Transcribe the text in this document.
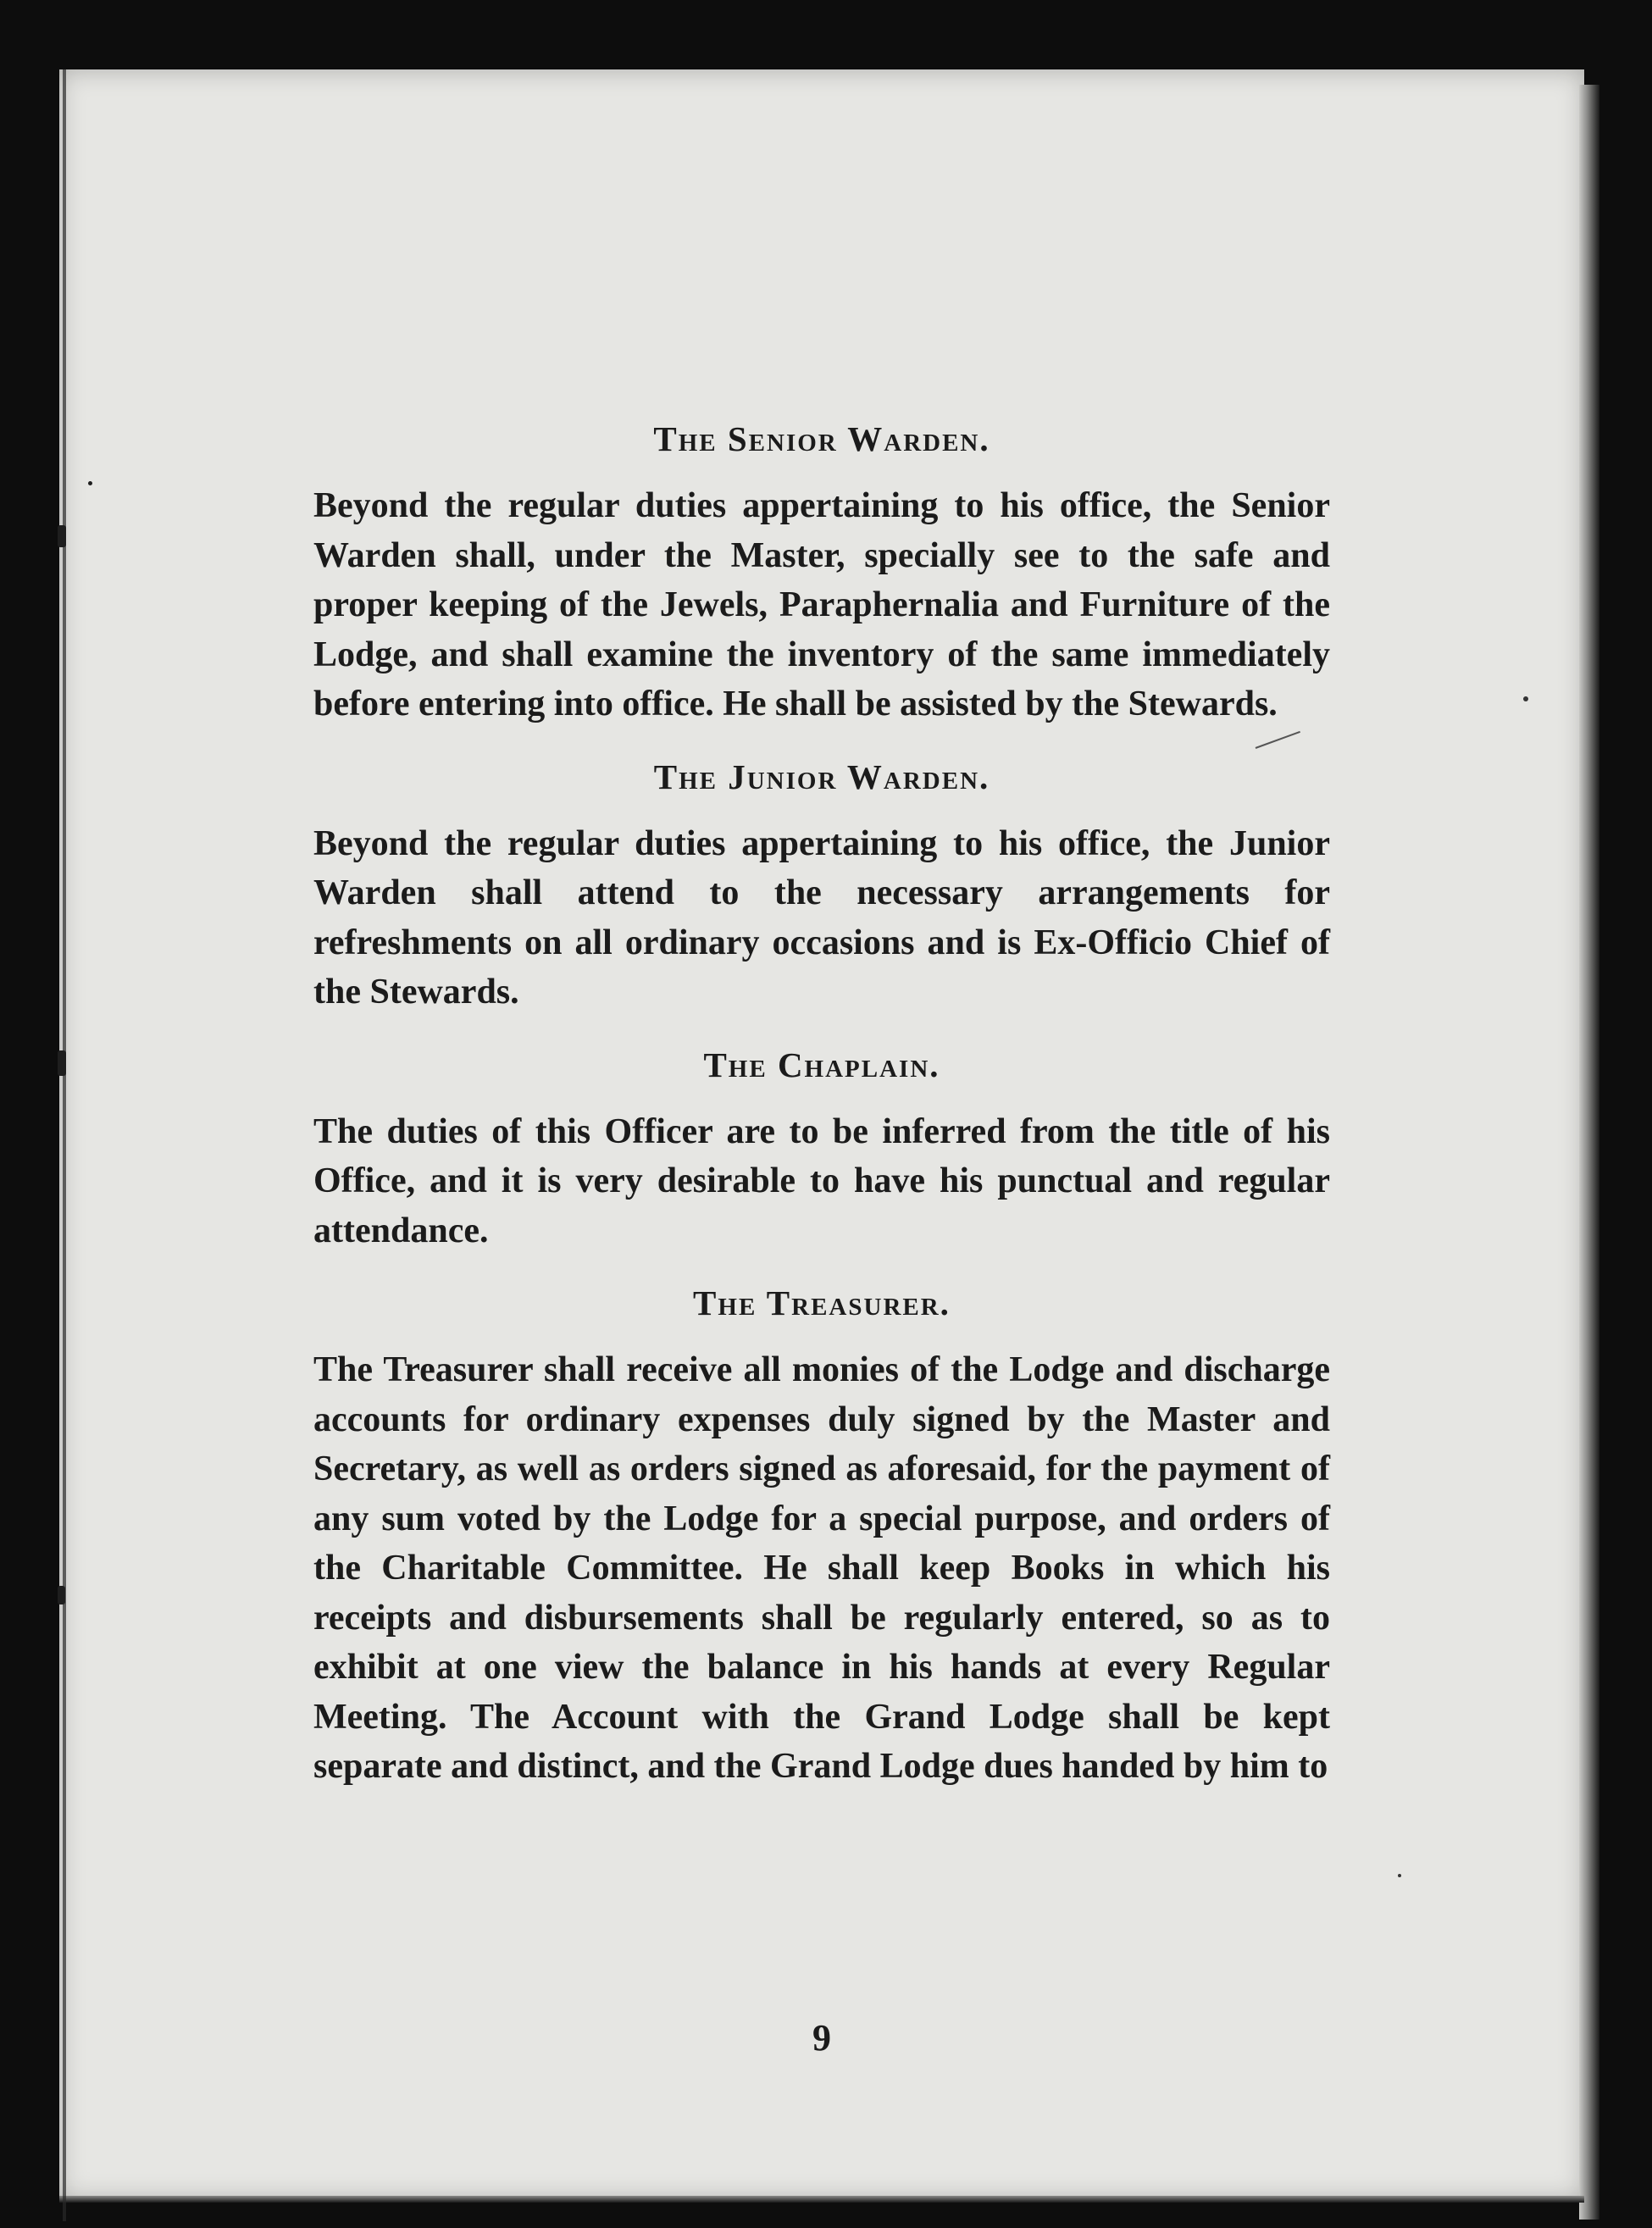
The Senior Warden.

Beyond the regular duties appertaining to his office, the Senior Warden shall, under the Master, specially see to the safe and proper keeping of the Jewels, Paraphernalia and Furniture of the Lodge, and shall examine the inventory of the same immediately before entering into office. He shall be assisted by the Stewards.

The Junior Warden.

Beyond the regular duties appertaining to his office, the Junior Warden shall attend to the necessary arrangements for refreshments on all ordinary occasions and is Ex-Officio Chief of the Stewards.

The Chaplain.

The duties of this Officer are to be inferred from the title of his Office, and it is very desirable to have his punctual and regular attendance.

The Treasurer.

The Treasurer shall receive all monies of the Lodge and discharge accounts for ordinary expenses duly signed by the Master and Secretary, as well as orders signed as aforesaid, for the payment of any sum voted by the Lodge for a special purpose, and orders of the Charitable Committee. He shall keep Books in which his receipts and disbursements shall be regularly entered, so as to exhibit at one view the balance in his hands at every Regular Meeting. The Account with the Grand Lodge shall be kept separate and distinct, and the Grand Lodge dues handed by him to

9
